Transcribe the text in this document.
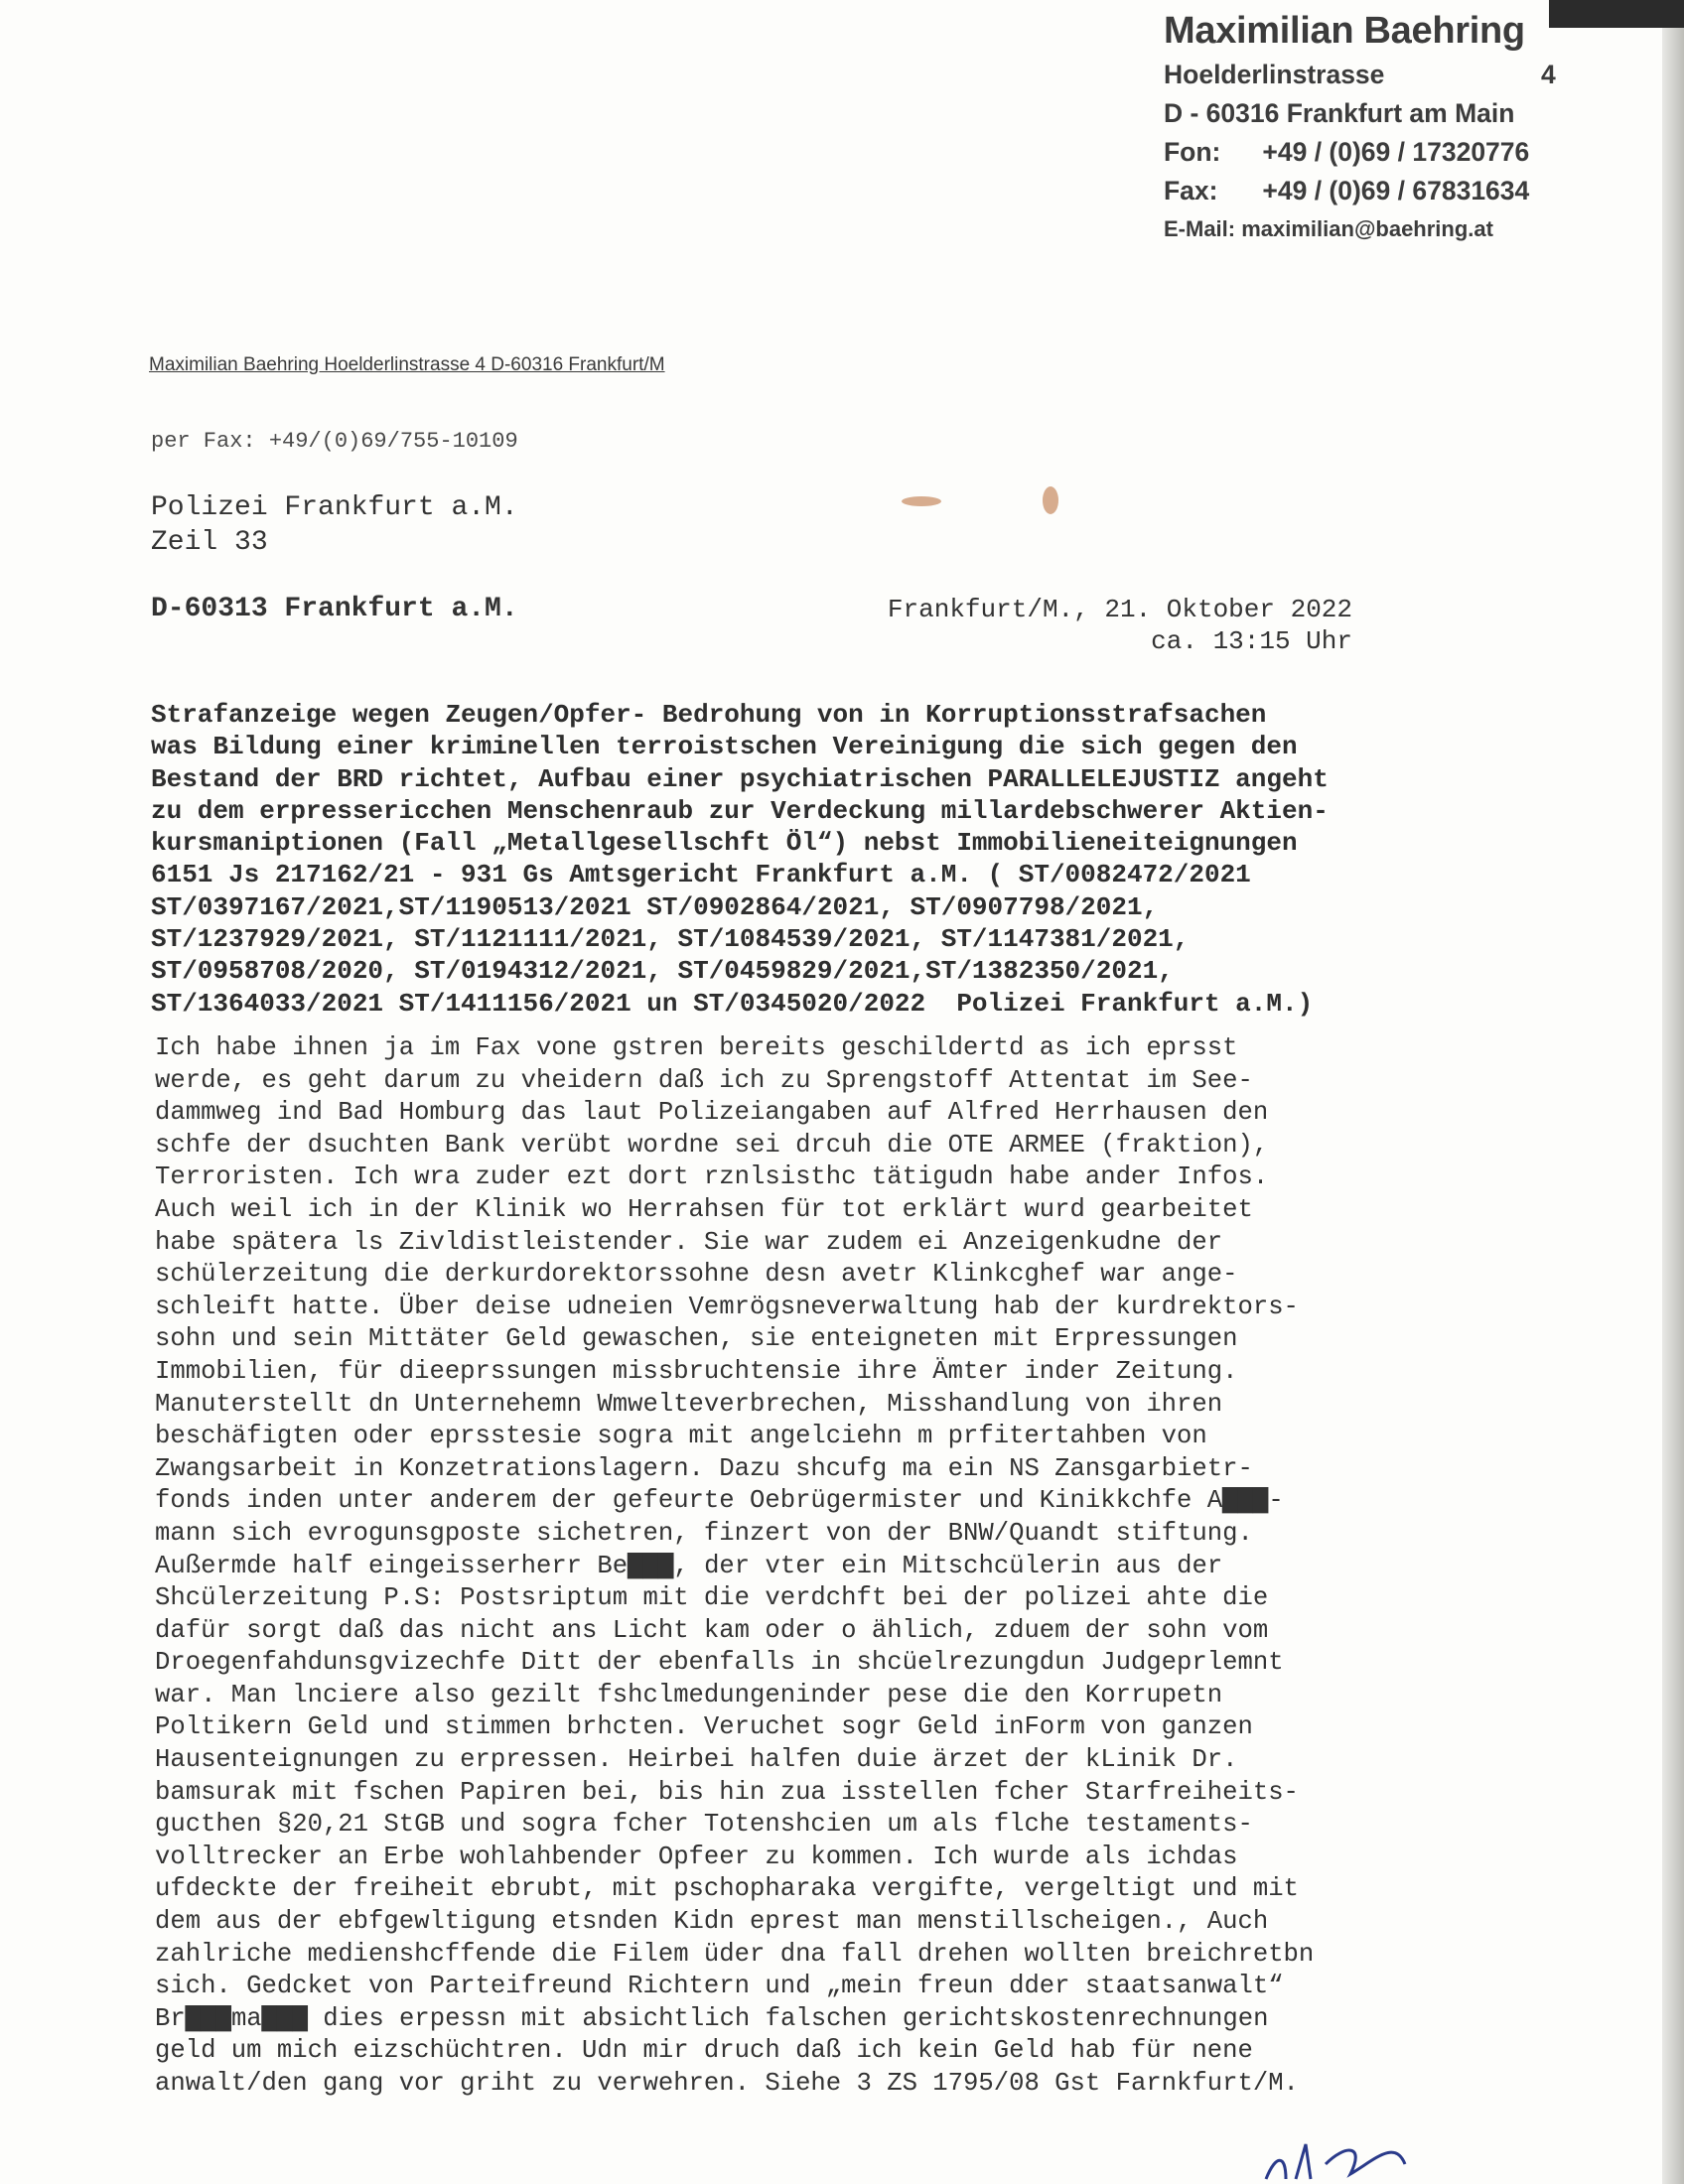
Maximilian Baehring
Hoelderlinstrasse	4
D - 60316 Frankfurt am Main
Fon: +49 / (0)69 / 17320776
Fax: +49 / (0)69 / 67831634
E-Mail: maximilian@baehring.at
Maximilian Baehring Hoelderlinstrasse 4 D-60316 Frankfurt/M
per Fax: +49/(0)69/755-10109
Polizei Frankfurt a.M.
Zeil 33
D-60313 Frankfurt a.M.	Frankfurt/M., 21. Oktober 2022
ca. 13:15 Uhr
Strafanzeige wegen Zeugen/Opfer- Bedrohung von in Korruptionsstrafsachen
was Bildung einer kriminellen terroistschen Vereinigung die sich gegen den
Bestand der BRD richtet, Aufbau einer psychiatrischen PARALLELEJUSTIZ angeht
zu dem erpressericchen Menschenraub zur Verdeckung millardebschwerer Aktien-
kursmaniptionen (Fall „Metallgesellschft Öl“) nebst Immobilieneiteignungen
6151 Js 217162/21 - 931 Gs Amtsgericht Frankfurt a.M. ( ST/0082472/2021
ST/0397167/2021,ST/1190513/2021 ST/0902864/2021, ST/0907798/2021,
ST/1237929/2021, ST/1121111/2021, ST/1084539/2021, ST/1147381/2021,
ST/0958708/2020, ST/0194312/2021, ST/0459829/2021,ST/1382350/2021,
ST/1364033/2021 ST/1411156/2021 un ST/0345020/2022  Polizei Frankfurt a.M.)
Ich habe ihnen ja im Fax vone gstren bereits geschildertd as ich eprsst
werde, es geht darum zu vheidern daß ich zu Sprengstoff Attentat im See-
dammweg ind Bad Homburg das laut Polizeiangaben auf Alfred Herrhausen den
schfe der dsuchten Bank verübt wordne sei drcuh die OTE ARMEE (fraktion),
Terroristen. Ich wra zuder ezt dort rznlsisthc tätigudn habe ander Infos.
Auch weil ich in der Klinik wo Herrahsen für tot erklärt wurd gearbeitet
habe spätera ls Zivldistleistender. Sie war zudem ei Anzeigenkudne der
schülerzeitung die derkurdorektorssohne desn avetr Klinkcghef war ange-
schleift hatte. Über deise udneien Vemrögsneverwaltung hab der kurdrektors-
sohn und sein Mittäter Geld gewaschen, sie enteigneten mit Erpressungen
Immobilien, für dieeprssungen missbruchtensie ihre Ämter inder Zeitung.
Manuterstellt dn Unternehemn Wmwelteverbrechen, Misshandlung von ihren
beschäfigten oder eprsstesie sogra mit angelciehn m prfitertahben von
Zwangsarbeit in Konzetrationslagern. Dazu shcufg ma ein NS Zansgarbietr-
fonds inden unter anderem der gefeurte Oebrügermister und Kinikkchfe A▇▇▇-
mann sich evrogunsgposte sichetren, finzert von der BNW/Quandt stiftung.
Außermde half eingeisserherr Be▇▇▇, der vter ein Mitschcülerin aus der
Shcülerzeitung P.S: Postsriptum mit die verdchft bei der polizei ahte die
dafür sorgt daß das nicht ans Licht kam oder o ählich, zduem der sohn vom
Droegenfahdunsgvizechfe Ditt der ebenfalls in shcüelrezungdun Judgeprlemnt
war. Man lnciere also gezilt fshclmedungeninder pese die den Korrupetn
Poltikern Geld und stimmen brhcten. Veruchet sogr Geld inForm von ganzen
Hausenteignungen zu erpressen. Heirbei halfen duie ärzet der kLinik Dr.
bamsurak mit fschen Papiren bei, bis hin zua isstellen fcher Starfreiheits-
gucthen §20,21 StGB und sogra fcher Totenshcien um als flche testaments-
volltrecker an Erbe wohlahbender Opfeer zu kommen. Ich wurde als ichdas
ufdeckte der freiheit ebrubt, mit pschopharaka vergifte, vergeltigt und mit
dem aus der ebfgewltigung etsnden Kidn eprest man menstillscheigen., Auch
zahlriche medienshcffende die Filem üder dna fall drehen wollten breichretbn
sich. Gedcket von Parteifreund Richtern und „mein freun dder staatsanwalt“
Br▇▇▇ma▇▇▇ dies erpessn mit absichtlich falschen gerichtskostenrechnungen
geld um mich eizschüchtren. Udn mir druch daß ich kein Geld hab für nene
anwalt/den gang vor griht zu verwehren. Siehe 3 ZS 1795/08 Gst Farnkfurt/M.
